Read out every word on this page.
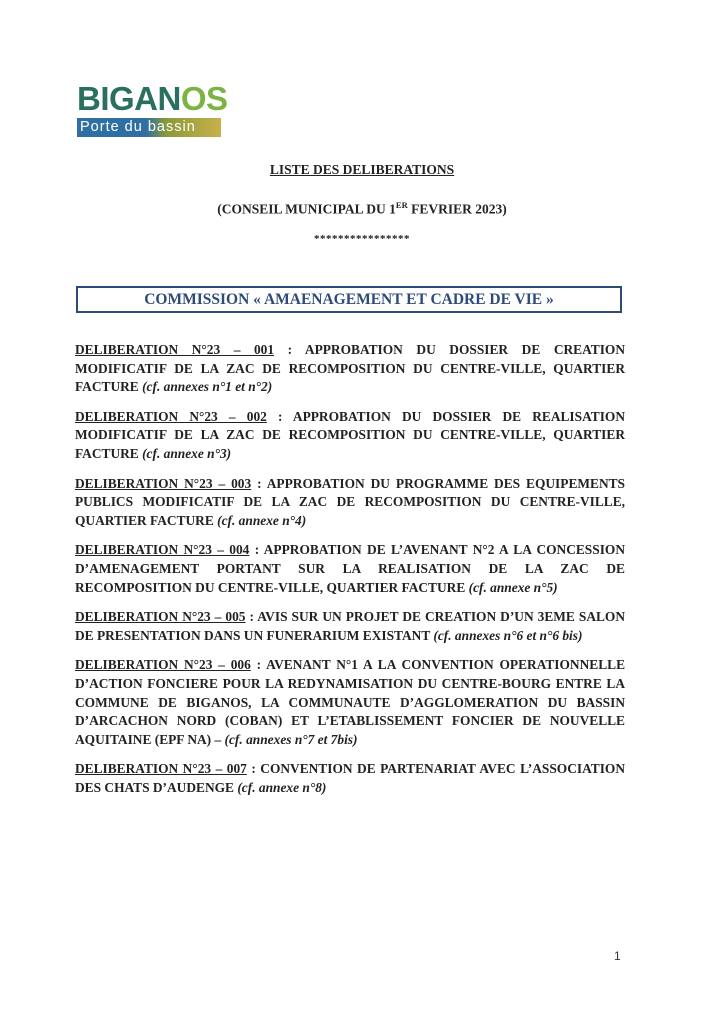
BIGANOS
Porte du bassin
LISTE DES DELIBERATIONS
(CONSEIL MUNICIPAL DU 1ER FEVRIER 2023)
****************
COMMISSION « AMAENAGEMENT ET CADRE DE VIE »

DELIBERATION N°23 – 001 : APPROBATION DU DOSSIER DE CREATION MODIFICATIF DE LA ZAC DE RECOMPOSITION DU CENTRE-VILLE, QUARTIER FACTURE (cf. annexes n°1 et n°2)

DELIBERATION N°23 – 002 : APPROBATION DU DOSSIER DE REALISATION MODIFICATIF DE LA ZAC DE RECOMPOSITION DU CENTRE-VILLE, QUARTIER FACTURE (cf. annexe n°3)

DELIBERATION N°23 – 003 : APPROBATION DU PROGRAMME DES EQUIPEMENTS PUBLICS MODIFICATIF DE LA ZAC DE RECOMPOSITION DU CENTRE-VILLE, QUARTIER FACTURE (cf. annexe n°4)

DELIBERATION N°23 – 004 : APPROBATION DE L’AVENANT N°2 A LA CONCESSION D’AMENAGEMENT PORTANT SUR LA REALISATION DE LA ZAC DE RECOMPOSITION DU CENTRE-VILLE, QUARTIER FACTURE (cf. annexe n°5)

DELIBERATION N°23 – 005 : AVIS SUR UN PROJET DE CREATION D’UN 3EME SALON DE PRESENTATION DANS UN FUNERARIUM EXISTANT (cf. annexes n°6 et n°6 bis)

DELIBERATION N°23 – 006 : AVENANT N°1 A LA CONVENTION OPERATIONNELLE D’ACTION FONCIERE POUR LA REDYNAMISATION DU CENTRE-BOURG ENTRE LA COMMUNE DE BIGANOS, LA COMMUNAUTE D’AGGLOMERATION DU BASSIN D’ARCACHON NORD (COBAN) ET L’ETABLISSEMENT FONCIER DE NOUVELLE AQUITAINE (EPF NA) – (cf. annexes n°7 et 7bis)

DELIBERATION N°23 – 007 : CONVENTION DE PARTENARIAT AVEC L’ASSOCIATION DES CHATS D’AUDENGE (cf. annexe n°8)

1
